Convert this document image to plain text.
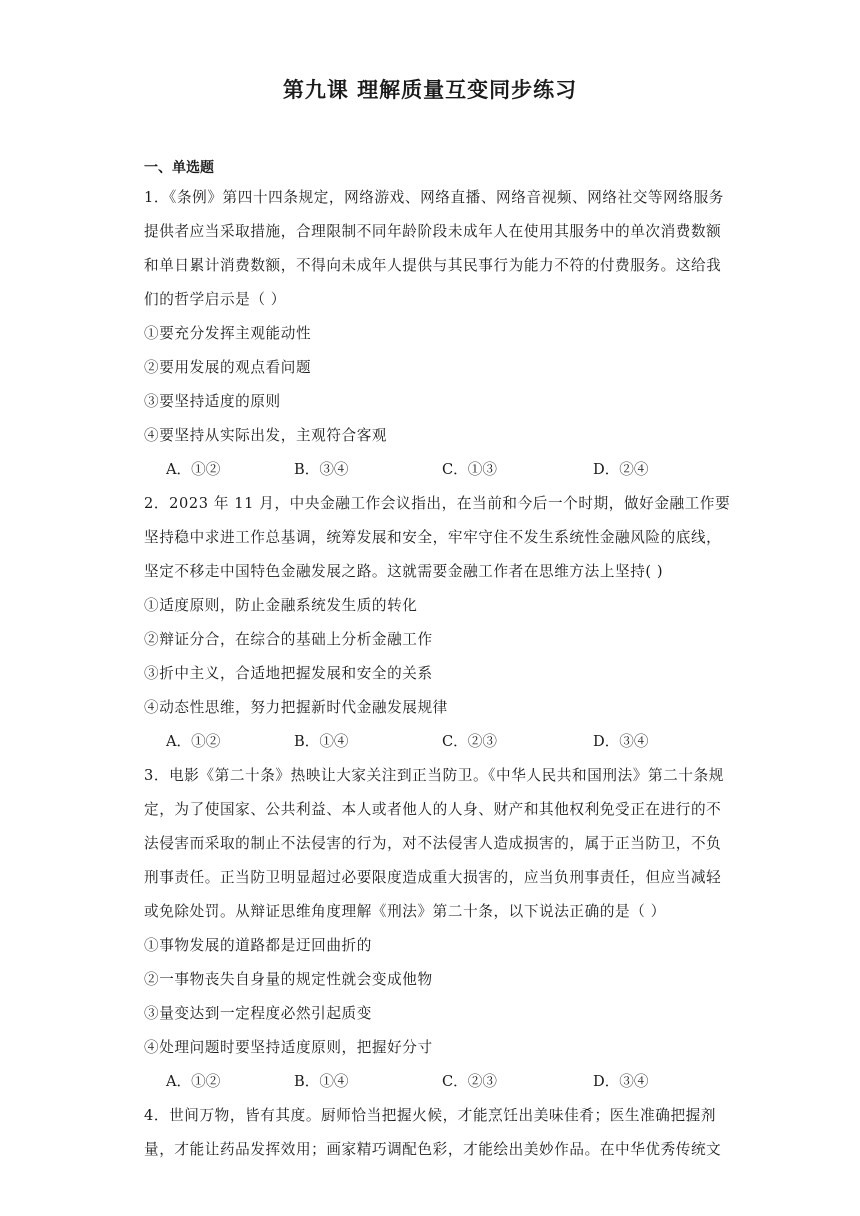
第九课 理解质量互变同步练习
一、单选题
1．《条例》第四十四条规定，网络游戏、网络直播、网络音视频、网络社交等网络服务
提供者应当采取措施，合理限制不同年龄阶段未成年人在使用其服务中的单次消费数额
和单日累计消费数额，不得向未成年人提供与其民事行为能力不符的付费服务。这给我
们的哲学启示是（ ）
①要充分发挥主观能动性
②要用发展的观点看问题
③要坚持适度的原则
④要坚持从实际出发，主观符合客观
A．①②	B．③④	C．①③	D．②④
2．2023 年 11 月，中央金融工作会议指出，在当前和今后一个时期，做好金融工作要
坚持稳中求进工作总基调，统筹发展和安全，牢牢守住不发生系统性金融风险的底线，
坚定不移走中国特色金融发展之路。这就需要金融工作者在思维方法上坚持( )
①适度原则，防止金融系统发生质的转化
②辩证分合，在综合的基础上分析金融工作
③折中主义，合适地把握发展和安全的关系
④动态性思维，努力把握新时代金融发展规律
A．①②	B．①④	C．②③	D．③④
3．电影《第二十条》热映让大家关注到正当防卫。《中华人民共和国刑法》第二十条规
定，为了使国家、公共利益、本人或者他人的人身、财产和其他权利免受正在进行的不
法侵害而采取的制止不法侵害的行为，对不法侵害人造成损害的，属于正当防卫，不负
刑事责任。正当防卫明显超过必要限度造成重大损害的，应当负刑事责任，但应当减轻
或免除处罚。从辩证思维角度理解《刑法》第二十条，以下说法正确的是（ ）
①事物发展的道路都是迂回曲折的
②一事物丧失自身量的规定性就会变成他物
③量变达到一定程度必然引起质变
④处理问题时要坚持适度原则，把握好分寸
A．①②	B．①④	C．②③	D．③④
4．世间万物，皆有其度。厨师恰当把握火候，才能烹饪出美味佳肴；医生准确把握剂
量，才能让药品发挥效用；画家精巧调配色彩，才能绘出美妙作品。在中华优秀传统文
